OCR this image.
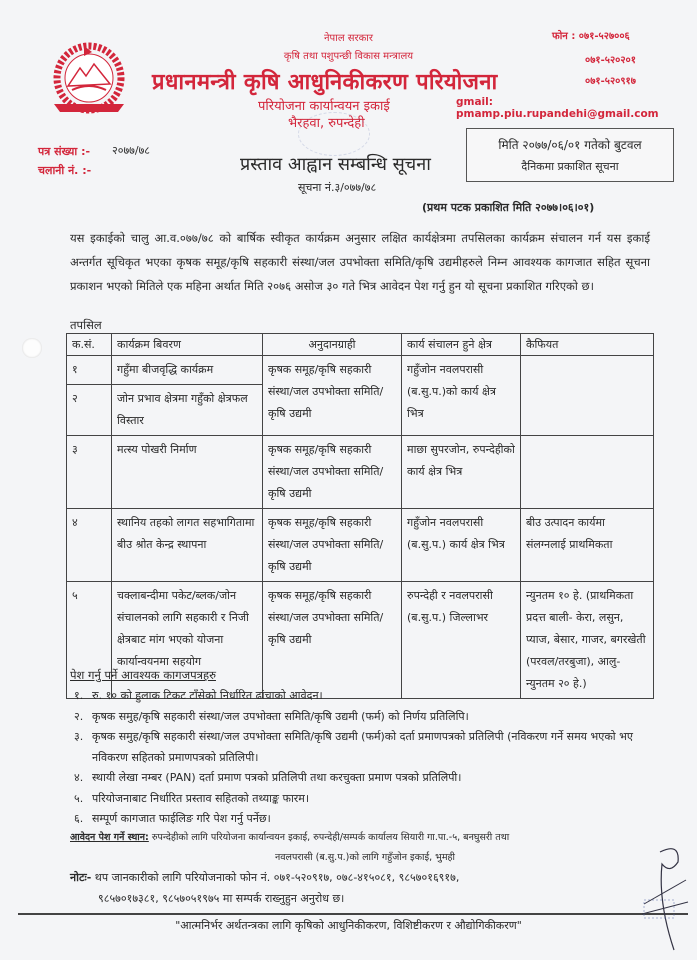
नेपाल सरकार
कृषि तथा पशुपन्छी विकास मन्त्रालय
प्रधानमन्त्री कृषि आधुनिकीकरण परियोजना
परियोजना कार्यान्वयन इकाई
भैरहवा, रुपन्देही
फोन : ०७१-५२७००६
०७१-५२०२०१
०७१-५२०९१७
gmail: pmamp.piu.rupandehi@gmail.com
पत्र संख्या :- २०७७/७८
चलानी नं. :-
मिति २०७७/०६/०१ गतेको बुटवल
दैनिकमा प्रकाशित सूचना
प्रस्ताव आह्वान सम्बन्धि सूचना
सूचना नं.३/०७७/७८
(प्रथम पटक प्रकाशित मिति २०७७।०६।०१)
यस इकाईको चालु आ.व.०७७/७८ को बार्षिक स्वीकृत कार्यक्रम अनुसार लक्षित कार्यक्षेत्रमा तपसिलका कार्यक्रम संचालन गर्न यस इकाई अन्तर्गत सूचिकृत भएका कृषक समूह/कृषि सहकारी संस्था/जल उपभोक्ता समिति/कृषि उद्यमीहरुले निम्न आवश्यक कागजात सहित सूचना प्रकाशन भएको मितिले एक महिना अर्थात मिति २०७६ असोज ३० गते भित्र आवेदन पेश गर्नु हुन यो सूचना प्रकाशित गरिएको छ।
तपसिल
क.सं.	कार्यक्रम बिवरण	अनुदानग्राही	कार्य संचालन हुने क्षेत्र	कैफियत
१	गहुँमा बीजवृद्धि कार्यक्रम	कृषक समूह/कृषि सहकारी संस्था/जल उपभोक्ता समिति/कृषि उद्यमी	गहुँजोन नवलपरासी (ब.सु.प.)को कार्य क्षेत्र भित्र	
२	जोन प्रभाव क्षेत्रमा गहुँको क्षेत्रफल विस्तार			
३	मत्स्य पोखरी निर्माण	कृषक समूह/कृषि सहकारी संस्था/जल उपभोक्ता समिति/कृषि उद्यमी	माछा सुपरजोन, रुपन्देहीको कार्य क्षेत्र भित्र	
४	स्थानिय तहको लागत सहभागितामा बीउ श्रोत केन्द्र स्थापना	कृषक समूह/कृषि सहकारी संस्था/जल उपभोक्ता समिति/कृषि उद्यमी	गहुँजोन नवलपरासी (ब.सु.प.) कार्य क्षेत्र भित्र	बीउ उत्पादन कार्यमा संलग्नलाई प्राथमिकता
५	चक्लाबन्दीमा पकेट/ब्लक/जोन संचालनको लागि सहकारी र निजी क्षेत्रबाट मांग भएको योजना कार्यान्वयनमा सहयोग	कृषक समूह/कृषि सहकारी संस्था/जल उपभोक्ता समिति/कृषि उद्यमी	रुपन्देही र नवलपरासी (ब.सु.प.) जिल्लाभर	न्युनतम १० हे. (प्राथमिकता प्रदत्त बाली- केरा, लसुन, प्याज, बेसार, गाजर, बगरखेती (परवल/तरबुजा), आलु-न्युनतम २० हे.)
पेश गर्नु पर्ने आवश्यक कागजपत्रहरु
१. रु. १० को हुलाक टिकट टाँसेको निर्धारित ढांचाको आवेदन।
२. कृषक समुह/कृषि सहकारी संस्था/जल उपभोक्ता समिति/कृषि उद्यमी (फर्म) को निर्णय प्रतिलिपि।
३. कृषक समुह/कृषि सहकारी संस्था/जल उपभोक्ता समिति/कृषि उद्यमी (फर्म)को दर्ता प्रमाणपत्रको प्रतिलिपी (नविकरण गर्ने समय भएको भए नविकरण सहितको प्रमाणपत्रको प्रतिलिपी।
४. स्थायी लेखा नम्बर (PAN) दर्ता प्रमाण पत्रको प्रतिलिपी तथा करचुक्ता प्रमाण पत्रको प्रतिलिपी।
५. परियोजनाबाट निर्धारित प्रस्ताव सहितको तथ्याङ्क फारम।
६. सम्पूर्ण कागजात फाईलिङ गरि पेश गर्नु पर्नेछ।
आवेदन पेश गर्ने स्थान: रुपन्देहीको लागि परियोजना कार्यान्वयन इकाई, रुपन्देही/सम्पर्क कार्यालय सियारी गा.पा.-५, बनघुसरी तथा
नवलपरासी (ब.सु.प.)को लागि गहुँजोन इकाई, भुमही
नोटः- थप जानकारीको लागि परियोजनाको फोन नं. ०७१-५२०९१७, ०७८-४१५०८१, ९८५७०१६९१७,
९८५७०१७३८१, ९८५७०५१९७५ मा सम्पर्क राख्नुहुन अनुरोध छ।
"आत्मनिर्भर अर्थतन्त्रका लागि कृषिको आधुनिकीकरण, विशिष्टीकरण र औद्योगिकीकरण"
